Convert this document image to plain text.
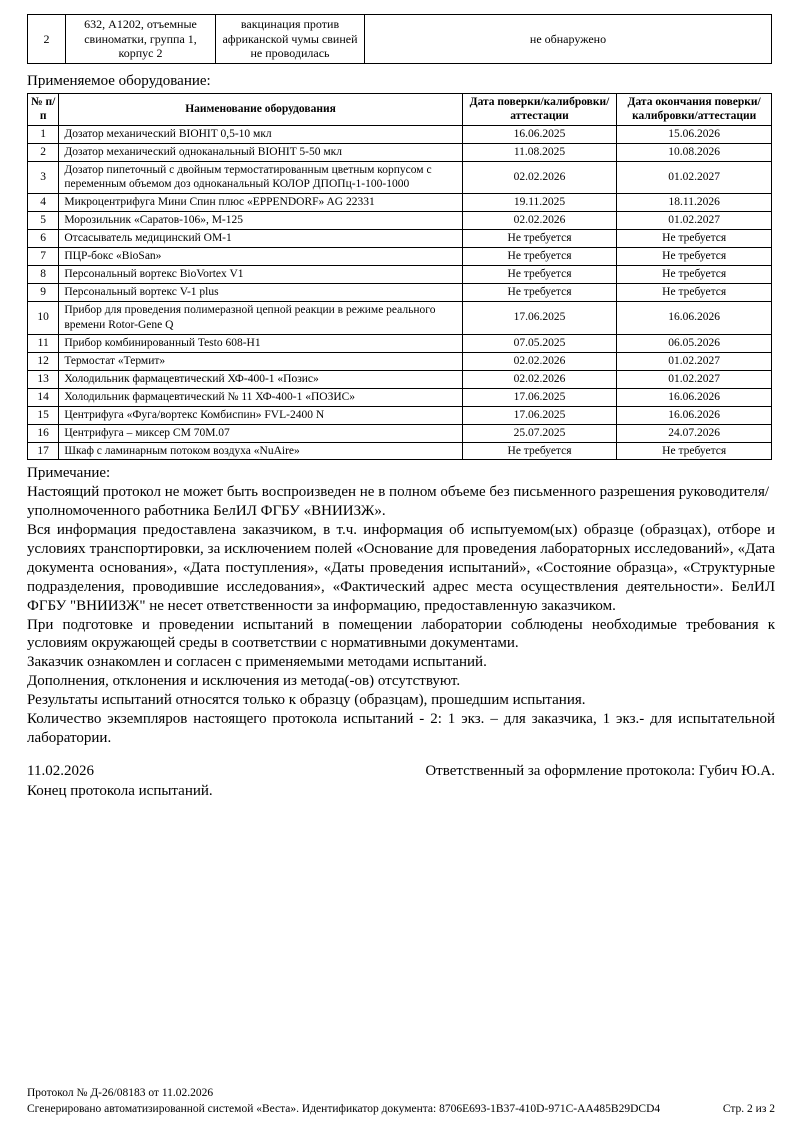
2	632, А1202, отъемные свиноматки, группа 1, корпус 2	вакцинация против африканской чумы свиней не проводилась	не обнаружено
Применяемое оборудование:
№ п/п	Наименование оборудования	Дата поверки/калибровки/аттестации	Дата окончания поверки/калибровки/аттестации
1	Дозатор механический BIOHIT 0,5-10 мкл	16.06.2025	15.06.2026
2	Дозатор механический одноканальный BIOHIT 5-50 мкл	11.08.2025	10.08.2026
3	Дозатор пипеточный с двойным термостатированным цветным корпусом с переменным объемом доз одноканальный КОЛОР ДПОПц-1-100-1000	02.02.2026	01.02.2027
4	Микроцентрифуга Мини Спин плюс «EPPENDORF» AG 22331	19.11.2025	18.11.2026
5	Морозильник «Саратов-106», М-125	02.02.2026	01.02.2027
6	Отсасыватель медицинский ОМ-1	Не требуется	Не требуется
7	ПЦР-бокс «BioSan»	Не требуется	Не требуется
8	Персональный вортекс BioVortex V1	Не требуется	Не требуется
9	Персональный вортекс V-1 plus	Не требуется	Не требуется
10	Прибор для проведения полимеразной цепной реакции в режиме реального времени Rotor-Gene Q	17.06.2025	16.06.2026
11	Прибор комбинированный Testo 608-H1	07.05.2025	06.05.2026
12	Термостат «Термит»	02.02.2026	01.02.2027
13	Холодильник фармацевтический ХФ-400-1 «Позис»	02.02.2026	01.02.2027
14	Холодильник фармацевтический № 11 ХФ-400-1 «ПОЗИС»	17.06.2025	16.06.2026
15	Центрифуга «Фуга/вортекс Комбиспин» FVL-2400 N	17.06.2025	16.06.2026
16	Центрифуга – миксер СМ 70М.07	25.07.2025	24.07.2026
17	Шкаф с ламинарным потоком воздуха «NuAire»	Не требуется	Не требуется
Примечание:
Настоящий протокол не может быть воспроизведен не в полном объеме без письменного разрешения руководителя/уполномоченного работника БелИЛ ФГБУ «ВНИИЗЖ».
Вся информация предоставлена заказчиком, в т.ч. информация об испытуемом(ых) образце (образцах), отборе и условиях транспортировки, за исключением полей «Основание для проведения лабораторных исследований», «Дата документа основания», «Дата поступления», «Даты проведения испытаний», «Состояние образца», «Структурные подразделения, проводившие исследования», «Фактический адрес места осуществления деятельности». БелИЛ ФГБУ "ВНИИЗЖ" не несет ответственности за информацию, предоставленную заказчиком.
При подготовке и проведении испытаний в помещении лаборатории соблюдены необходимые требования к условиям окружающей среды в соответствии с нормативными документами.
Заказчик ознакомлен и согласен с применяемыми методами испытаний.
Дополнения, отклонения и исключения из метода(-ов) отсутствуют.
Результаты испытаний относятся только к образцу (образцам), прошедшим испытания.
Количество экземпляров настоящего протокола испытаний - 2: 1 экз. – для заказчика, 1 экз.- для испытательной лаборатории.
11.02.2026	Ответственный за оформление протокола: Губич Ю.А.
Конец протокола испытаний.
Протокол № Д-26/08183 от 11.02.2026
Сгенерировано автоматизированной системой «Веста». Идентификатор документа: 8706E693-1B37-410D-971C-AA485B29DCD4	Стр. 2 из 2
